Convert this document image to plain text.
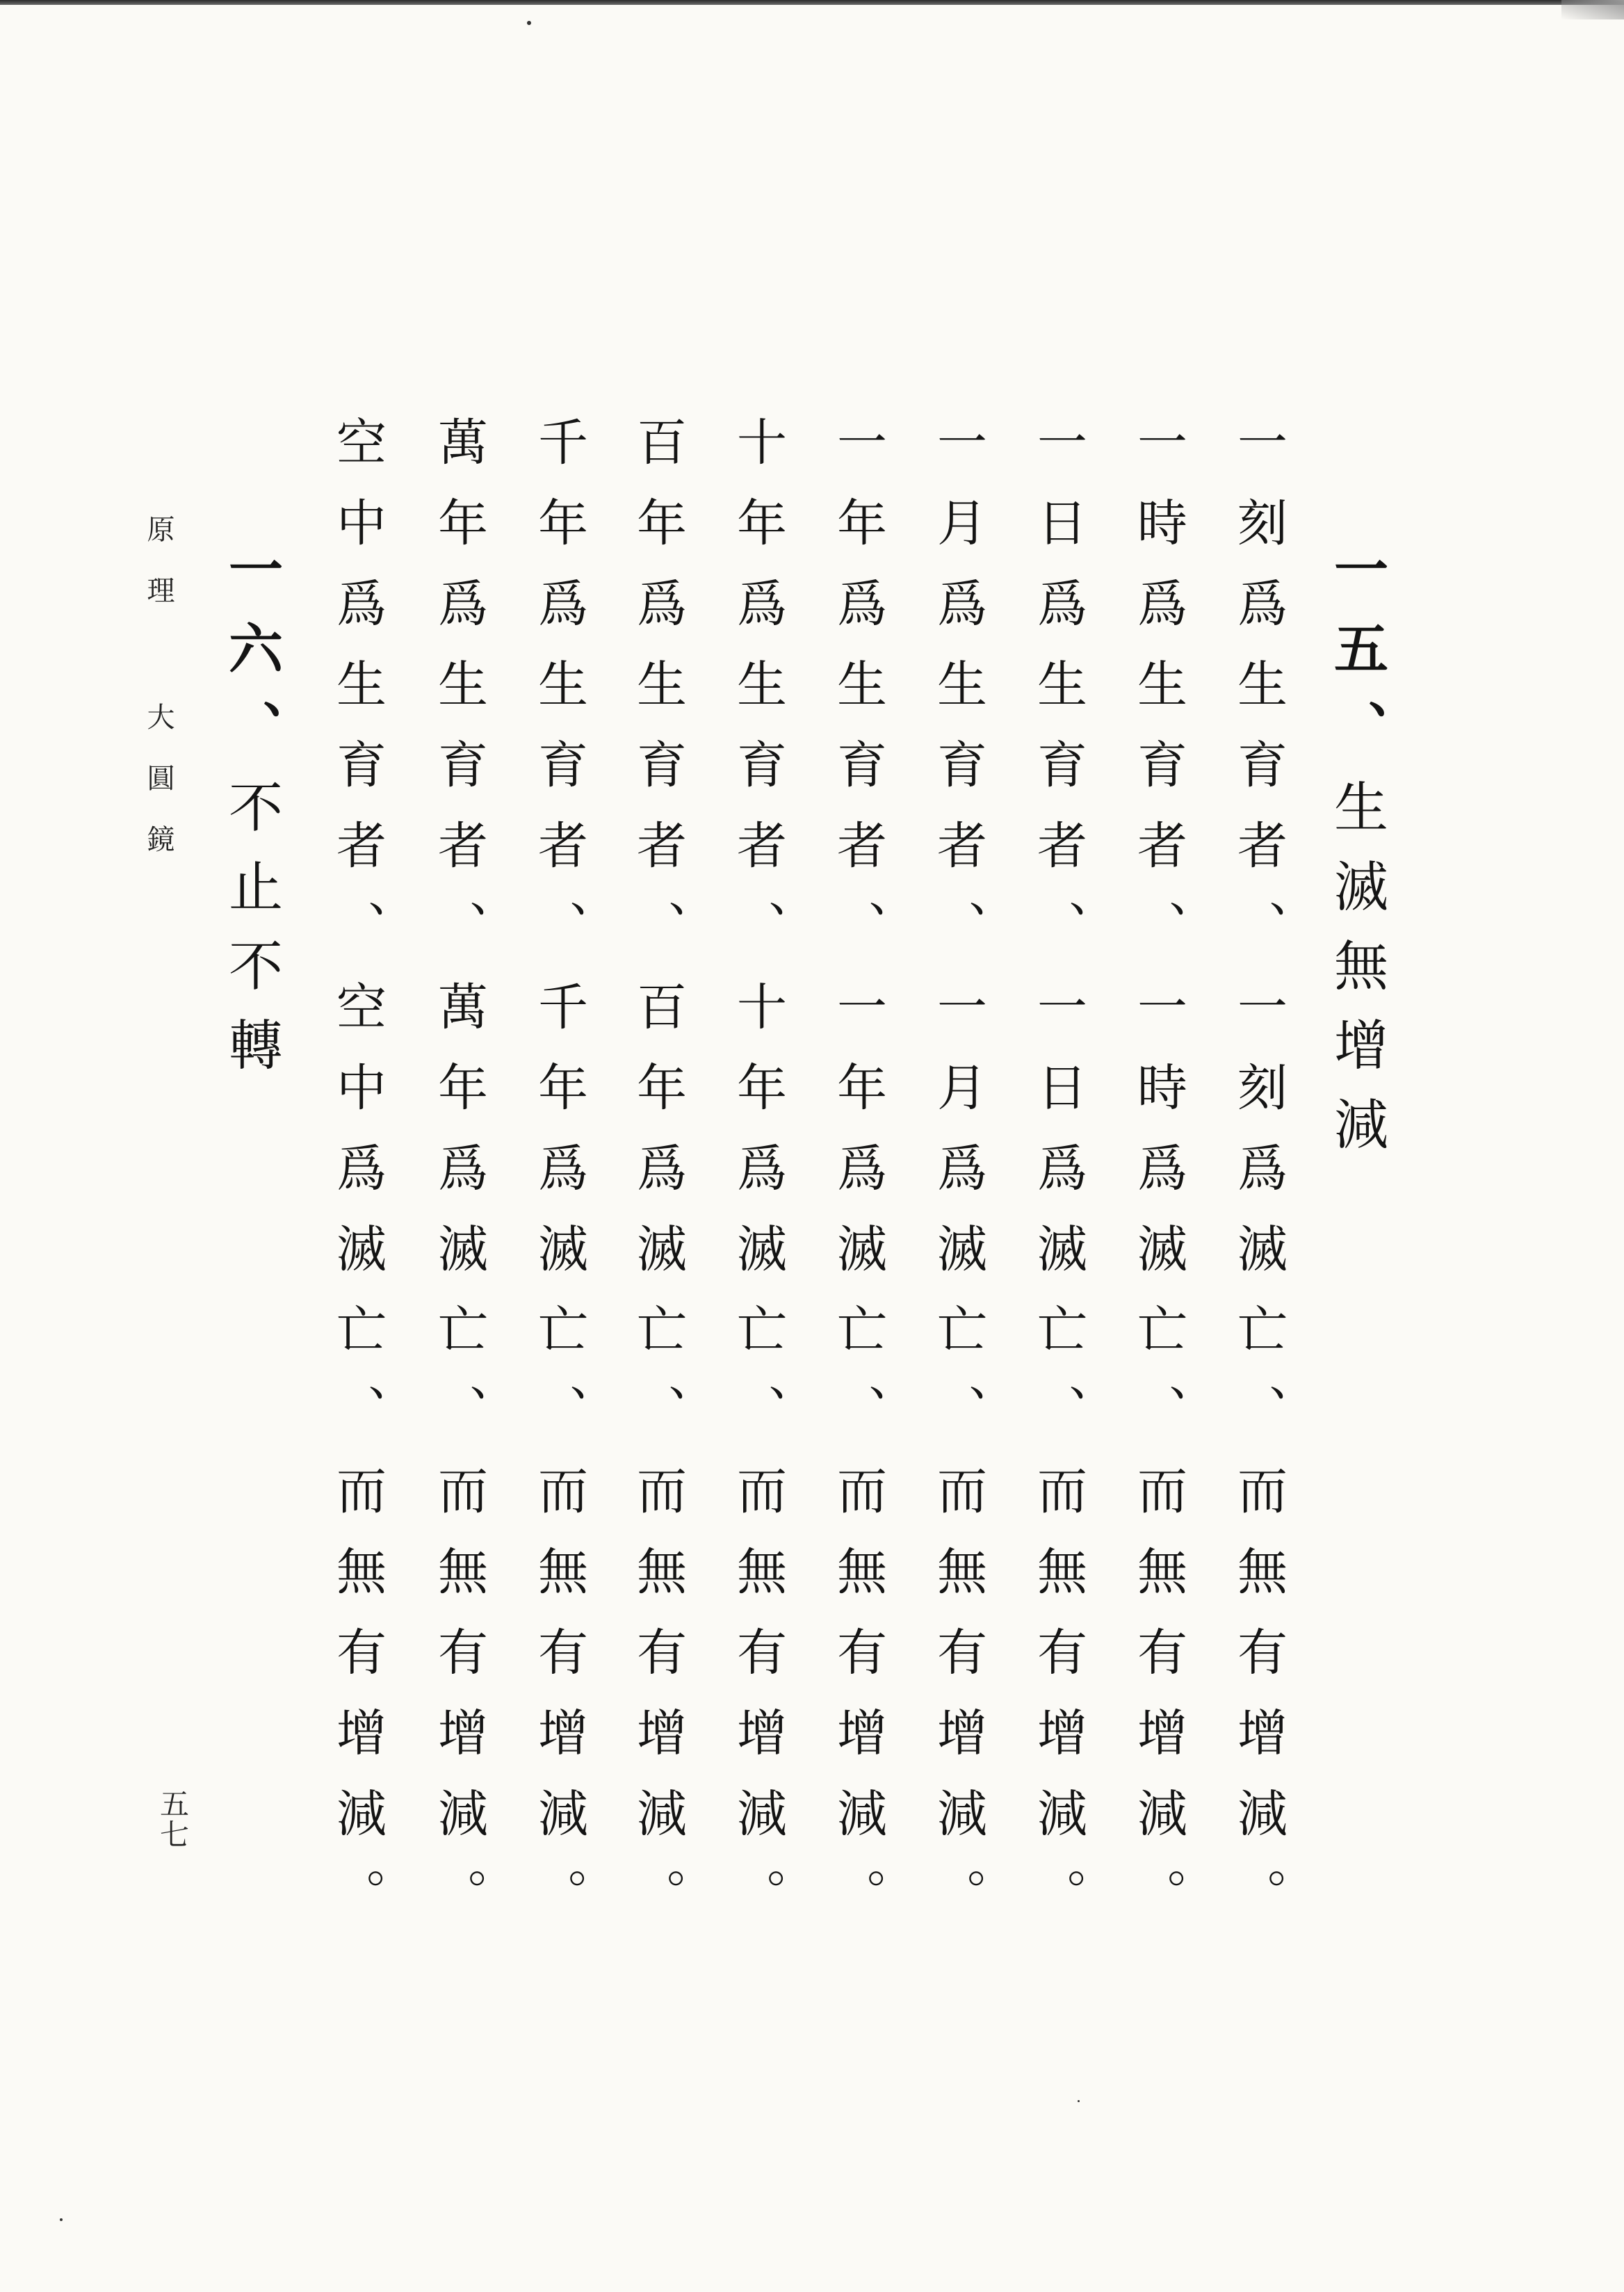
一五、生滅無增減
一刻爲生育者、一刻爲滅亡、而無有增減。
一時爲生育者、一時爲滅亡、而無有增減。
一日爲生育者、一日爲滅亡、而無有增減。
一月爲生育者、一月爲滅亡、而無有增減。
一年爲生育者、一年爲滅亡、而無有增減。
十年爲生育者、十年爲滅亡、而無有增減。
百年爲生育者、百年爲滅亡、而無有增減。
千年爲生育者、千年爲滅亡、而無有增減。
萬年爲生育者、萬年爲滅亡、而無有增減。
空中爲生育者、空中爲滅亡、而無有增減。
一六、不止不轉
原理 大圓鏡
五七
